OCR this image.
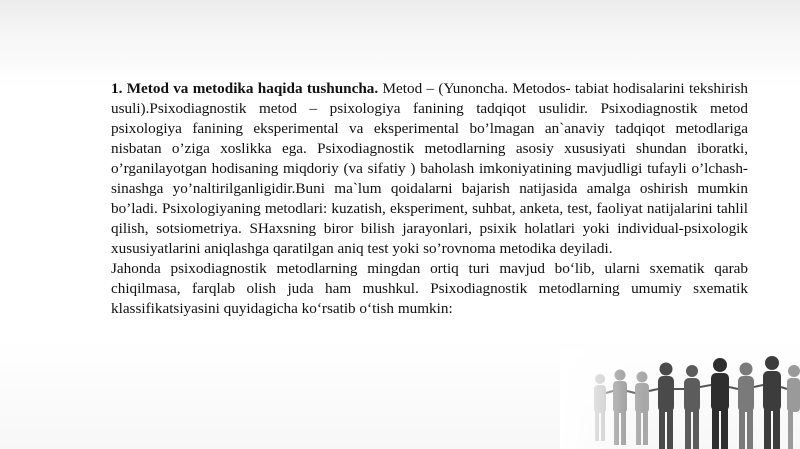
1. Metod va metodika haqida tushuncha. Metod – (Yunoncha. Metodos- tabiat hodisalarini tekshirish usuli).Psixodiagnostik metod – psixologiya fanining tadqiqot usulidir. Psixodiagnostik metod psixologiya fanining eksperimental va eksperimental bo’lmagan an`anaviy tadqiqot metodlariga nisbatan o’ziga xoslikka ega. Psixodiagnostik metodlarning asosiy xususiyati shundan iboratki, o’rganilayotgan hodisaning miqdoriy (va sifatiy ) baholash imkoniyatining mavjudligi tufayli o’lchash-sinashga yo’naltirilganligidir.Buni ma`lum qoidalarni bajarish natijasida amalga oshirish mumkin bo’ladi. Psixologiyaning metodlari: kuzatish, eksperiment, suhbat, anketa, test, faoliyat natijalarini tahlil qilish, sotsiometriya. SHaxsning biror bilish jarayonlari, psixik holatlari yoki individual-psixologik xususiyatlarini aniqlashga qaratilgan aniq test yoki so’rovnoma metodika deyiladi.

Jahonda psixodiagnostik metodlarning mingdan ortiq turi mavjud bo‘lib, ularni sxematik qarab chiqilmasa, farqlab olish juda ham mushkul. Psixodiagnostik metodlarning umumiy sxematik klassifikatsiyasini quyidagicha ko‘rsatib o‘tish mumkin:
